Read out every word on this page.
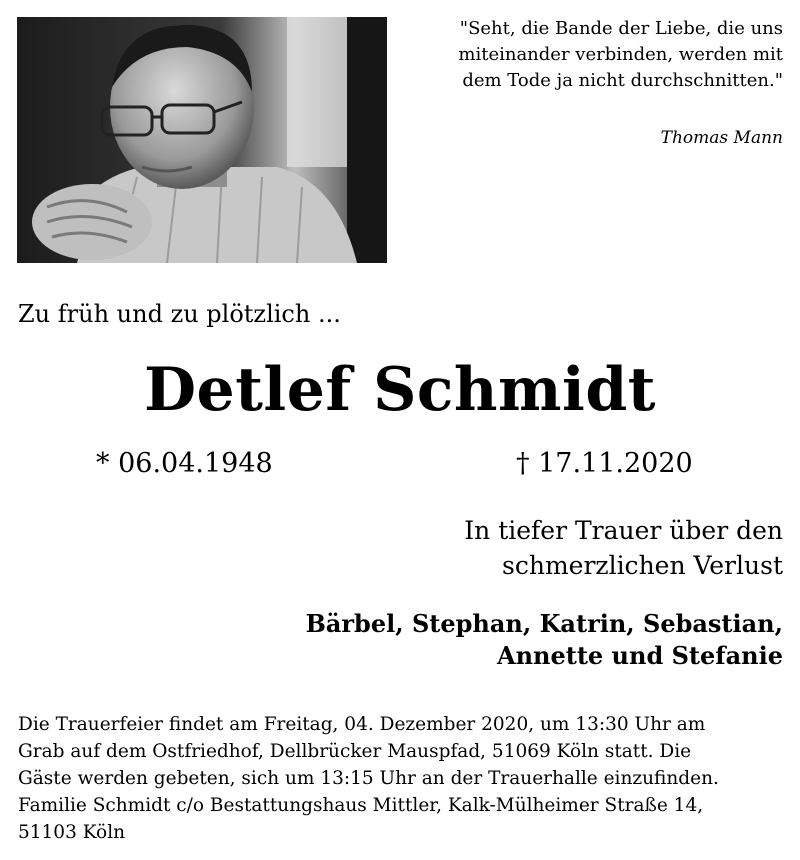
"Seht, die Bande der Liebe, die uns
miteinander verbinden, werden mit
dem Tode ja nicht durchschnitten."
Thomas Mann
Zu früh und zu plötzlich ...
Detlef Schmidt
* 06.04.1948	† 17.11.2020
In tiefer Trauer über den
schmerzlichen Verlust
Bärbel, Stephan, Katrin, Sebastian,
Annette und Stefanie
Die Trauerfeier findet am Freitag, 04. Dezember 2020, um 13:30 Uhr am
Grab auf dem Ostfriedhof, Dellbrücker Mauspfad, 51069 Köln statt. Die
Gäste werden gebeten, sich um 13:15 Uhr an der Trauerhalle einzufinden.
Familie Schmidt c/o Bestattungshaus Mittler, Kalk-Mülheimer Straße 14,
51103 Köln
